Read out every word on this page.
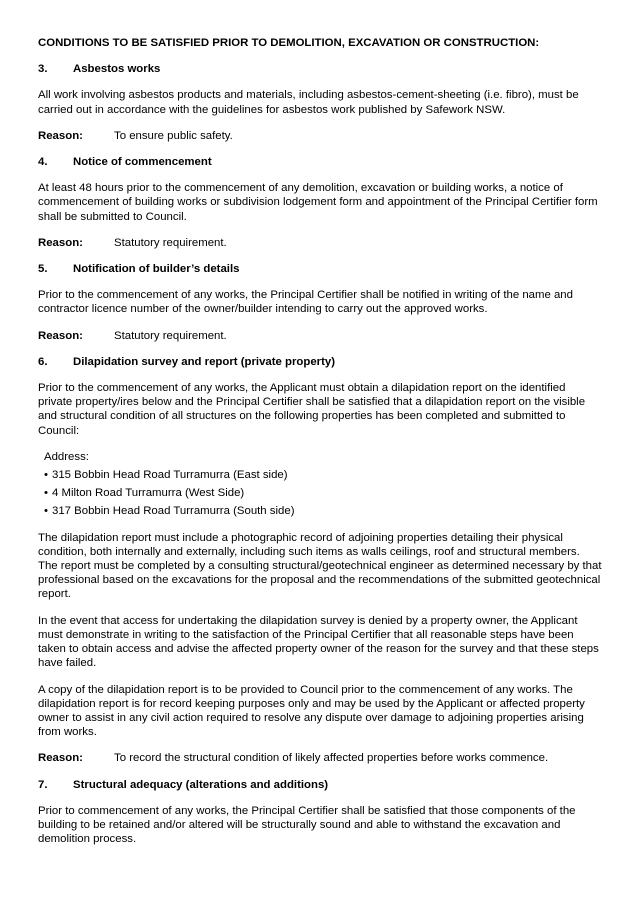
CONDITIONS TO BE SATISFIED PRIOR TO DEMOLITION, EXCAVATION OR CONSTRUCTION:
3.	Asbestos works

All work involving asbestos products and materials, including asbestos-cement-sheeting (i.e. fibro), must be carried out in accordance with the guidelines for asbestos work published by Safework NSW.

Reason:	To ensure public safety.
4.	Notice of commencement

At least 48 hours prior to the commencement of any demolition, excavation or building works, a notice of commencement of building works or subdivision lodgement form and appointment of the Principal Certifier form shall be submitted to Council.

Reason:	Statutory requirement.
5.	Notification of builder’s details

Prior to the commencement of any works, the Principal Certifier shall be notified in writing of the name and contractor licence number of the owner/builder intending to carry out the approved works.

Reason:	Statutory requirement.
6.	Dilapidation survey and report (private property)

Prior to the commencement of any works, the Applicant must obtain a dilapidation report on the identified private property/ires below and the Principal Certifier shall be satisfied that a dilapidation report on the visible and structural condition of all structures on the following properties has been completed and submitted to Council:

Address:
• 315 Bobbin Head Road Turramurra (East side)
• 4 Milton Road Turramurra (West Side)
• 317 Bobbin Head Road Turramurra (South side)

The dilapidation report must include a photographic record of adjoining properties detailing their physical condition, both internally and externally, including such items as walls ceilings, roof and structural members. The report must be completed by a consulting structural/geotechnical engineer as determined necessary by that professional based on the excavations for the proposal and the recommendations of the submitted geotechnical report.

In the event that access for undertaking the dilapidation survey is denied by a property owner, the Applicant must demonstrate in writing to the satisfaction of the Principal Certifier that all reasonable steps have been taken to obtain access and advise the affected property owner of the reason for the survey and that these steps have failed.

A copy of the dilapidation report is to be provided to Council prior to the commencement of any works. The dilapidation report is for record keeping purposes only and may be used by the Applicant or affected property owner to assist in any civil action required to resolve any dispute over damage to adjoining properties arising from works.

Reason:	To record the structural condition of likely affected properties before works commence.
7.	Structural adequacy (alterations and additions)

Prior to commencement of any works, the Principal Certifier shall be satisfied that those components of the building to be retained and/or altered will be structurally sound and able to withstand the excavation and demolition process.
